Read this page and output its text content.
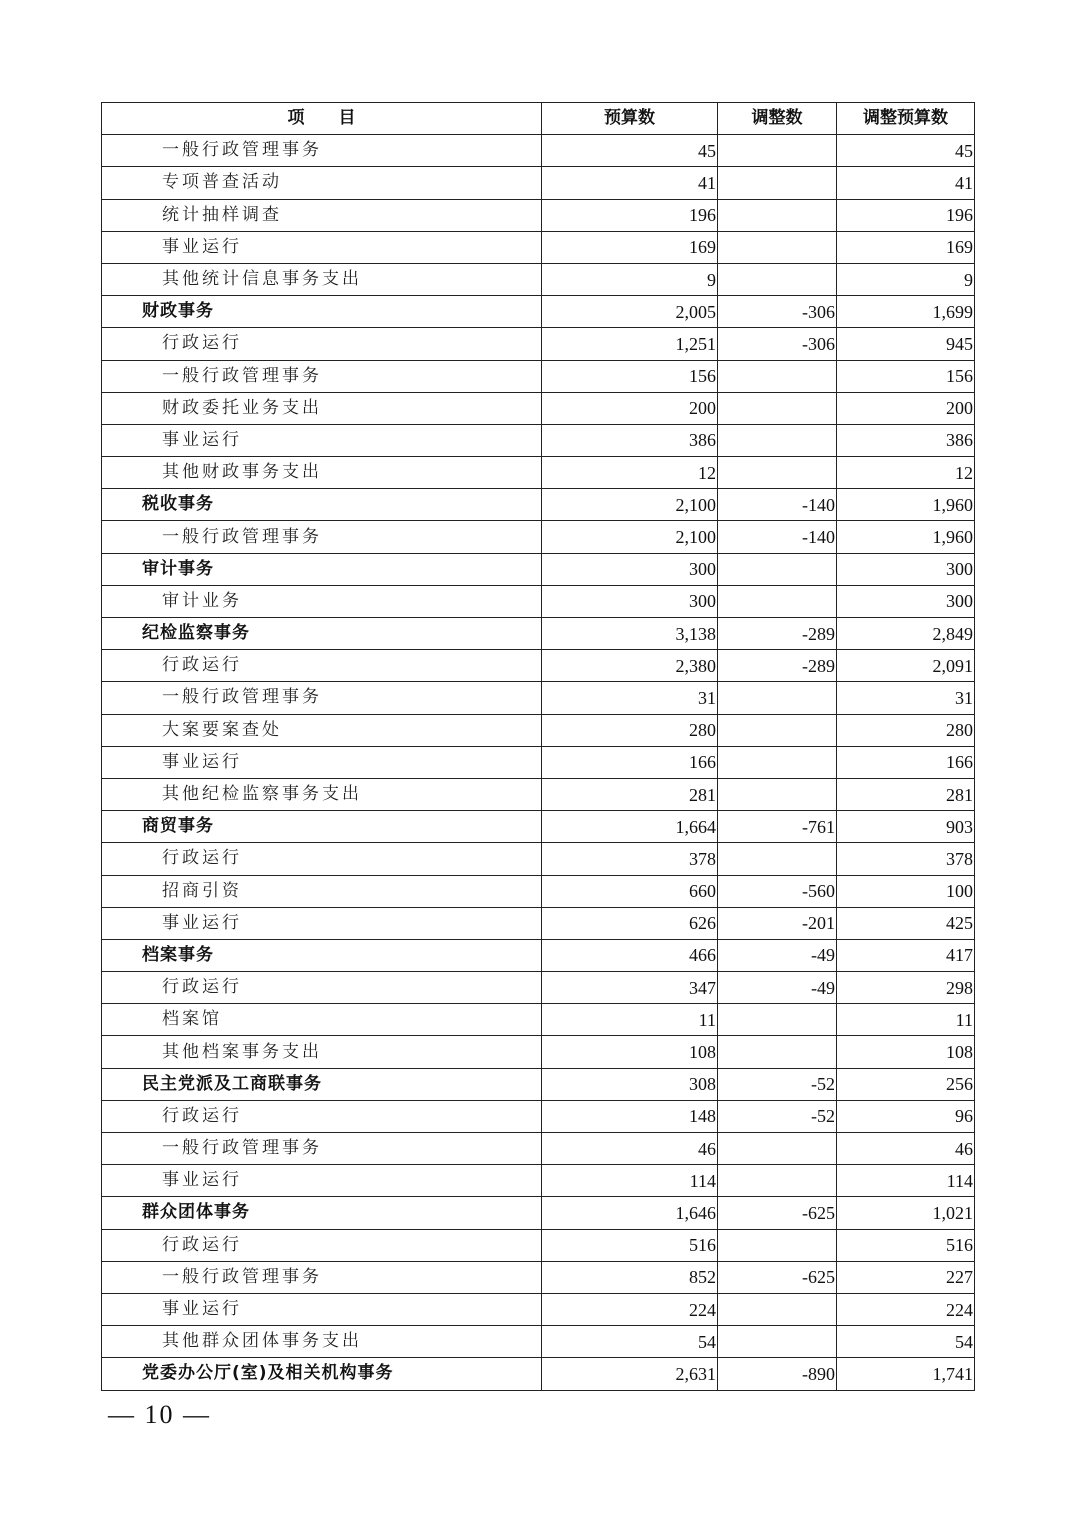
项　　目	预算数	调整数	调整预算数
一般行政管理事务	45		45
专项普查活动	41		41
统计抽样调查	196		196
事业运行	169		169
其他统计信息事务支出	9		9
财政事务	2,005	-306	1,699
行政运行	1,251	-306	945
一般行政管理事务	156		156
财政委托业务支出	200		200
事业运行	386		386
其他财政事务支出	12		12
税收事务	2,100	-140	1,960
一般行政管理事务	2,100	-140	1,960
审计事务	300		300
审计业务	300		300
纪检监察事务	3,138	-289	2,849
行政运行	2,380	-289	2,091
一般行政管理事务	31		31
大案要案查处	280		280
事业运行	166		166
其他纪检监察事务支出	281		281
商贸事务	1,664	-761	903
行政运行	378		378
招商引资	660	-560	100
事业运行	626	-201	425
档案事务	466	-49	417
行政运行	347	-49	298
档案馆	11		11
其他档案事务支出	108		108
民主党派及工商联事务	308	-52	256
行政运行	148	-52	96
一般行政管理事务	46		46
事业运行	114		114
群众团体事务	1,646	-625	1,021
行政运行	516		516
一般行政管理事务	852	-625	227
事业运行	224		224
其他群众团体事务支出	54		54
党委办公厅(室)及相关机构事务	2,631	-890	1,741
— 10 —
